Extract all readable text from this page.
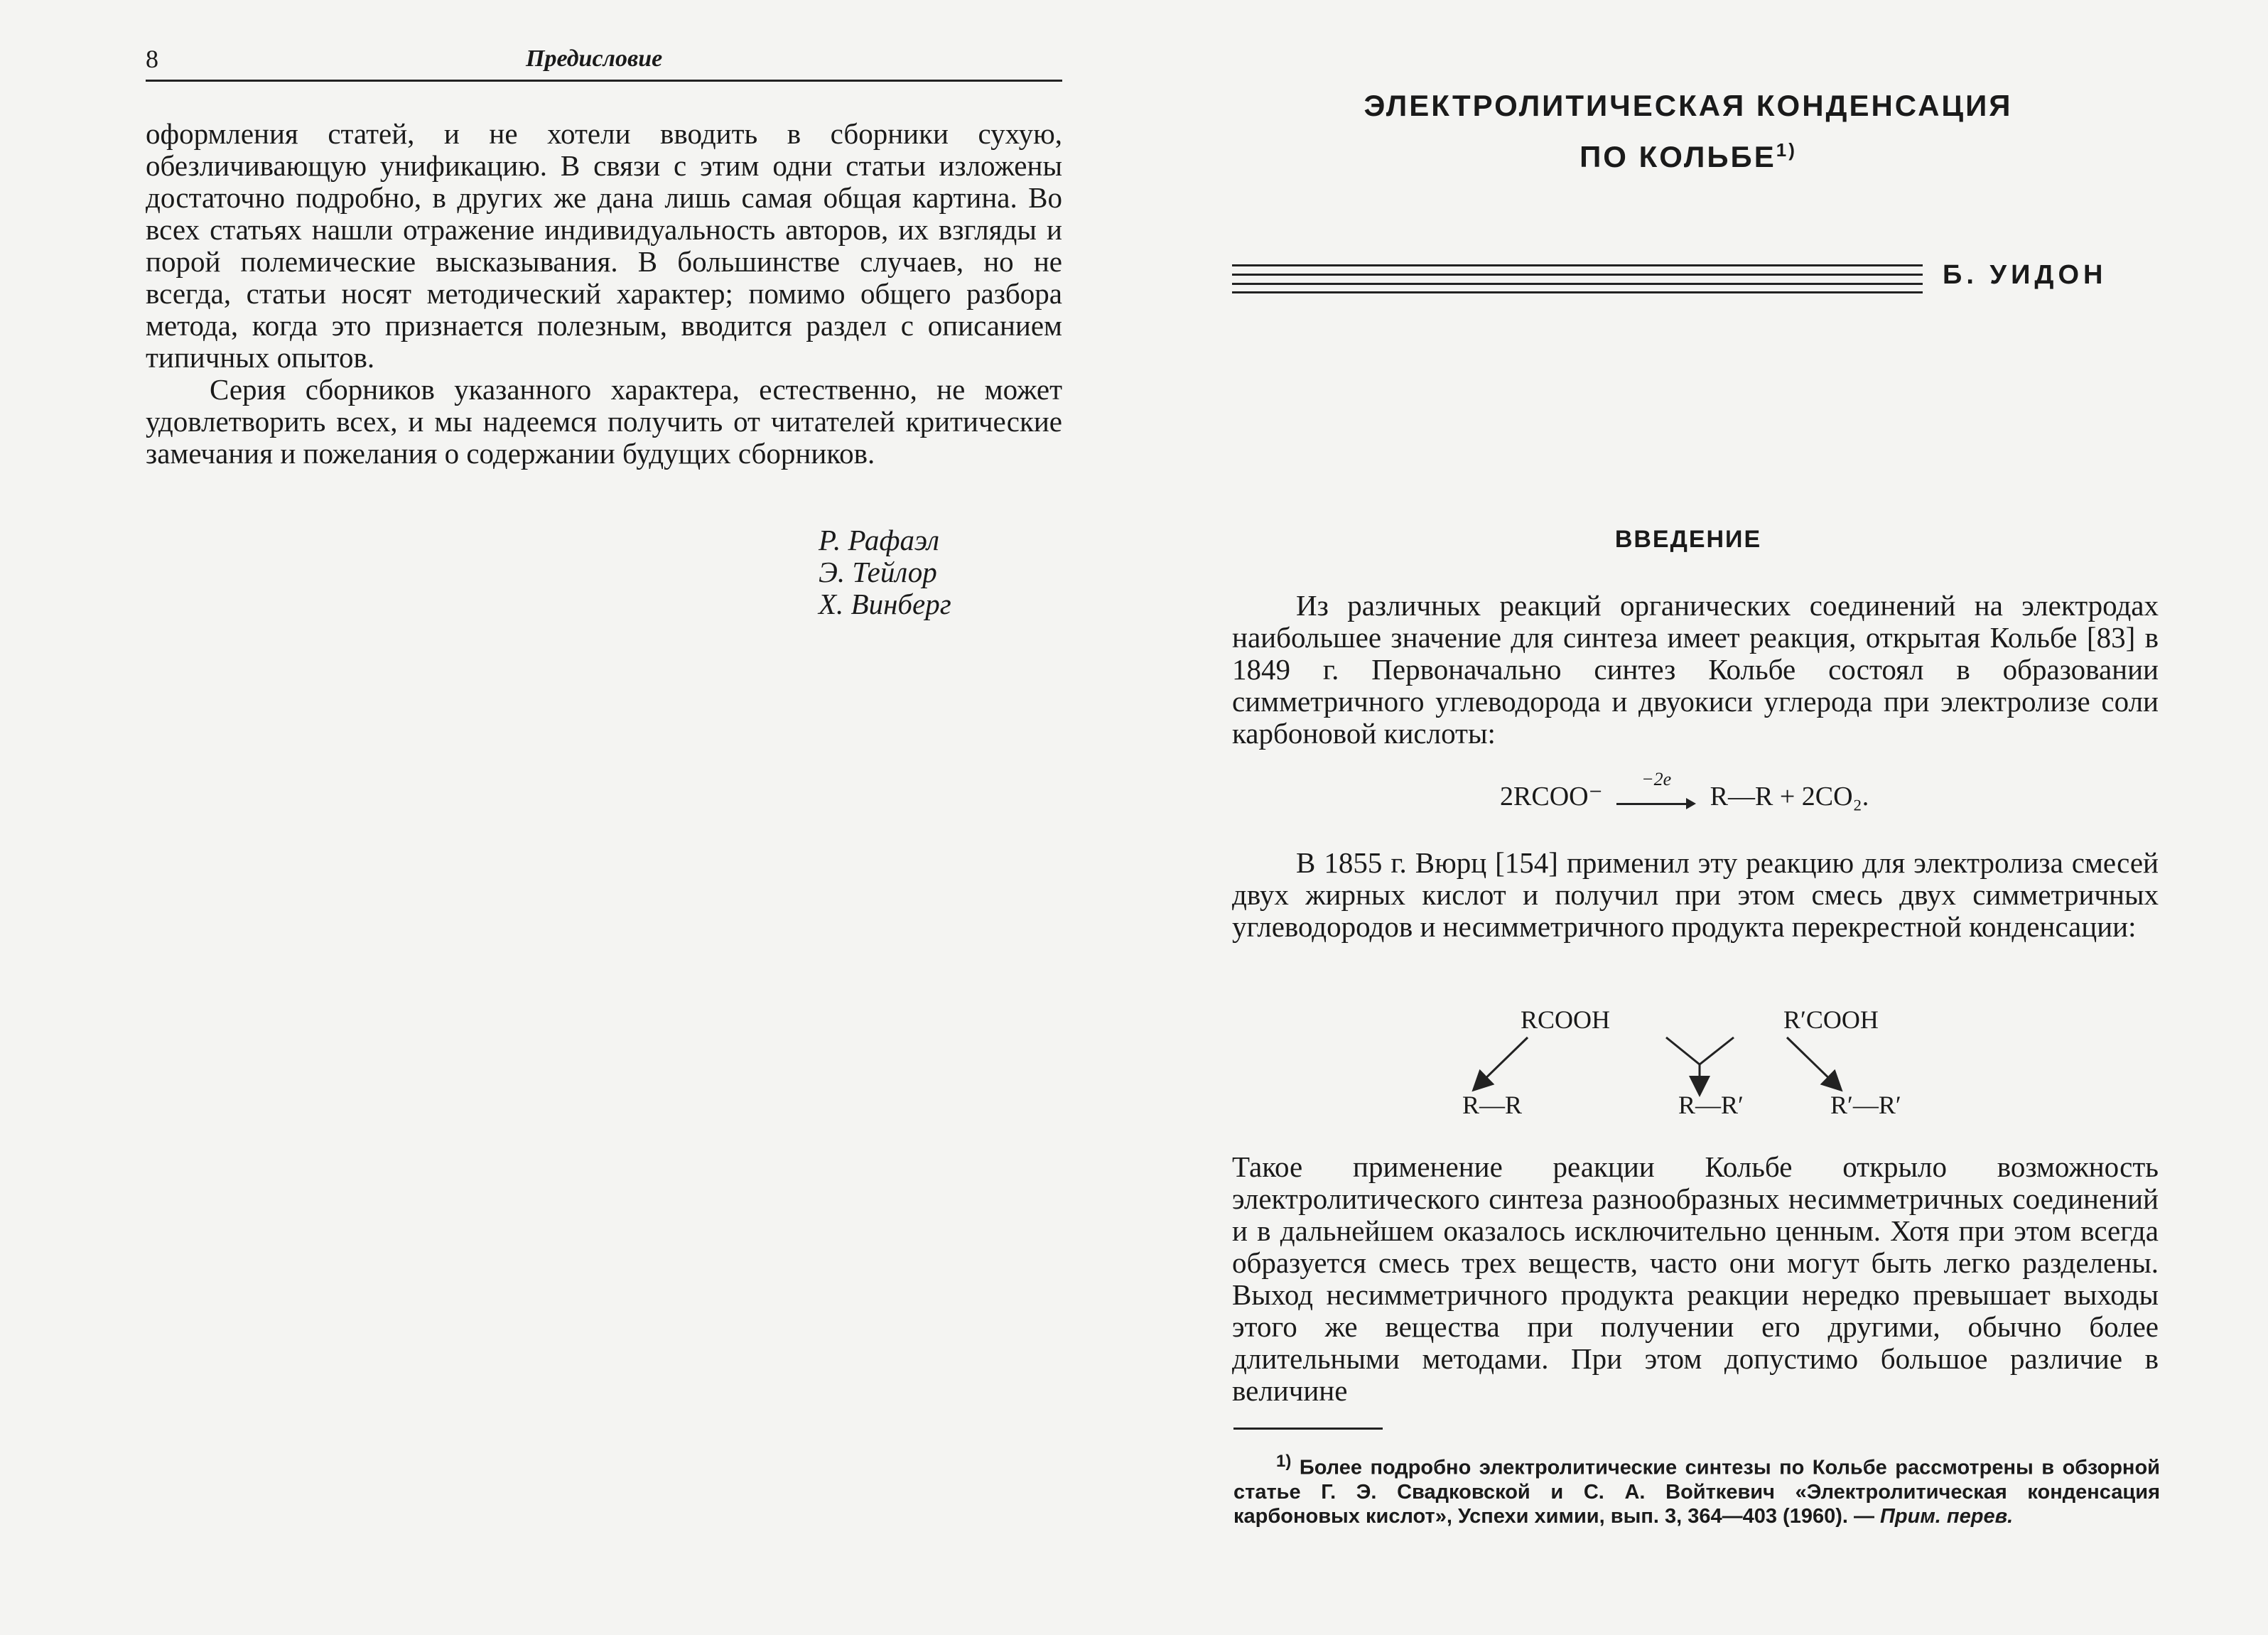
8	Предисловие

оформления статей, и не хотели вводить в сборники сухую, обезличивающую унификацию. В связи с этим одни статьи изложены достаточно подробно, в других же дана лишь самая общая картина. Во всех статьях нашли отражение индивидуальность авторов, их взгляды и порой полемические высказывания. В большинстве случаев, но не всегда, статьи носят методический характер; помимо общего разбора метода, когда это признается полезным, вводится раздел с описанием типичных опытов.

Серия сборников указанного характера, естественно, не может удовлетворить всех, и мы надеемся получить от читателей критические замечания и пожелания о содержании будущих сборников.

Р. Рафаэл
Э. Тейлор
Х. Винберг
ЭЛЕКТРОЛИТИЧЕСКАЯ КОНДЕНСАЦИЯ
ПО КОЛЬБЕ$^{1)}$
Б. УИДОН
ВВЕДЕНИЕ

Из различных реакций органических соединений на электродах наибольшее значение для синтеза имеет реакция, открытая Кольбе [83] в 1849 г. Первоначально синтез Кольбе состоял в образовании симметричного углеводорода и двуокиси углерода при электролизе соли карбоновой кислоты:

В 1855 г. Вюрц [154] применил эту реакцию для электролиза смесей двух жирных кислот и получил при этом смесь двух симметричных углеводородов и несимметричного продукта перекрестной конденсации:

Такое применение реакции Кольбе открыло возможность электролитического синтеза разнообразных несимметричных соединений и в дальнейшем оказалось исключительно ценным. Хотя при этом всегда образуется смесь трех веществ, часто они могут быть легко разделены. Выход несимметричного продукта реакции нередко превышает выходы этого же вещества при получении его другими, обычно более длительными методами. При этом допустимо большое различие в величине

$^{1)}$ Более подробно электролитические синтезы по Кольбе рассмотрены в обзорной статье Г. Э. Свадковской и С. А. Войткевич «Электролитическая конденсация карбоновых кислот», Успехи химии, вып. 3, 364—403 (1960). — Прим. перев.

2RCOO⁻
−2e
R—R + 2CO₂.
RCOOH	R′COOH
R—R	R—R′	R′—R′
